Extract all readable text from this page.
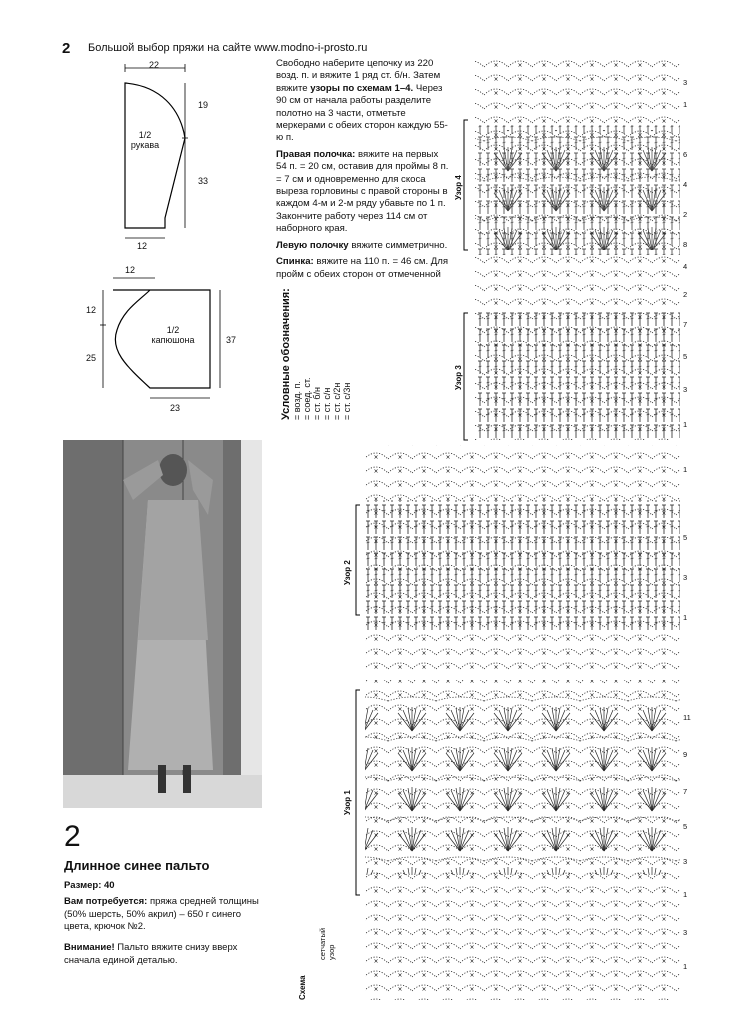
2 Большой выбор пряжи на сайте www.modno-i-prosto.ru
22
19
33
12
1/2
рукава
12
12
25
37
23
1/2
капюшона

Свободно наберите цепочку из 220 возд. п. и вяжите 1 ряд ст. б/н. Затем вяжите узоры по схемам 1–4. Через 90 см от начала работы разделите полотно на 3 части, отметьте меркерами с обеих сторон каждую 55-ю п.

Правая полочка: вяжите на первых 54 п. = 20 см, оставив для проймы 8 п. = 7 см и одновременно для скоса выреза горловины с правой стороны в каждом 4-м и 2-м ряду убавьте по 1 п. Закончите работу через 114 см от наборного края.

Левую полочку вяжите симметрично.

Спинка: вяжите на 110 п. = 46 см. Для пройм с обеих сторон от отмеченной

Условные обозначения: = возд. п. = соед. ст. = ст. б/н = ст. с/н = ст. с/2н = ст. с/3н
2
Длинное синее пальто
Размер: 40
Вам потребуется: пряжа средней толщины (50% шерсть, 50% акрил) – 650 г синего цвета, крючок №2.
Внимание! Пальто вяжите снизу вверх сначала единой деталью.
Узор 4
Узор 3
Узор 2
Узор 1
Схема
сетчатый узор
3
1
6
4
2
8
4
2
7
5
3
1
1
5
3
1
11
9
7
5
3
1
3
1
